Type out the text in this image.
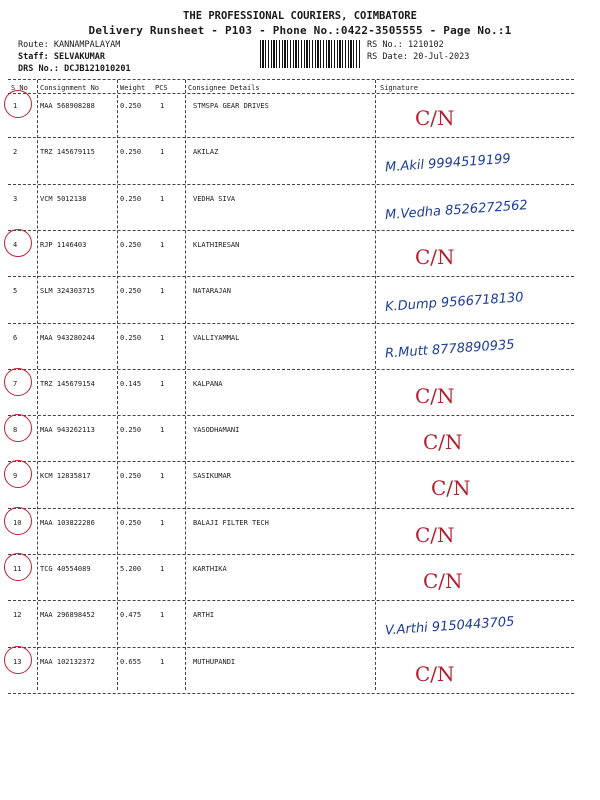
THE PROFESSIONAL COURIERS, COIMBATORE
Delivery Runsheet - P103 - Phone No.:0422-3505555 - Page No.:1
Route: KANNAMPALAYAM
Staff: SELVAKUMAR
DRS No.: DCJB121010201
RS No.: 1210102
RS Date: 20-Jul-2023
S No Consignment No	Weight PCS	Consignee Details	Signature
1	MAA 568908288	0.250	1	STMSPA GEAR DRIVES	C/N
2	TRZ 145679115	0.250	1	AKILAZ	M.Akil 9994519199
3	VCM 5012138	0.250	1	VEDHA SIVA	M.Vedha 8526272562
4	RJP 1146403	0.250	1	KLATHIRESAN	C/N
5	SLM 324303715	0.250	1	NATARAJAN	K.Dump 9566718130
6	MAA 943280244	0.250	1	VALLIYAMMAL	R.Mutt 8778890935
7	TRZ 145679154	0.145	1	KALPANA	C/N
8	MAA 943262113	0.250	1	YASODHAMANI	C/N
9	KCM 12835817	0.250	1	SASIKUMAR	C/N
10	MAA 103822286	0.250	1	BALAJI FILTER TECH	C/N
11	TCG 40554089	5.200	1	KARTHIKA	C/N
12	MAA 296898452	0.475	1	ARTHI	V.Arthi 9150443705
13	MAA 102132372	0.655	1	MUTHUPANDI	C/N
